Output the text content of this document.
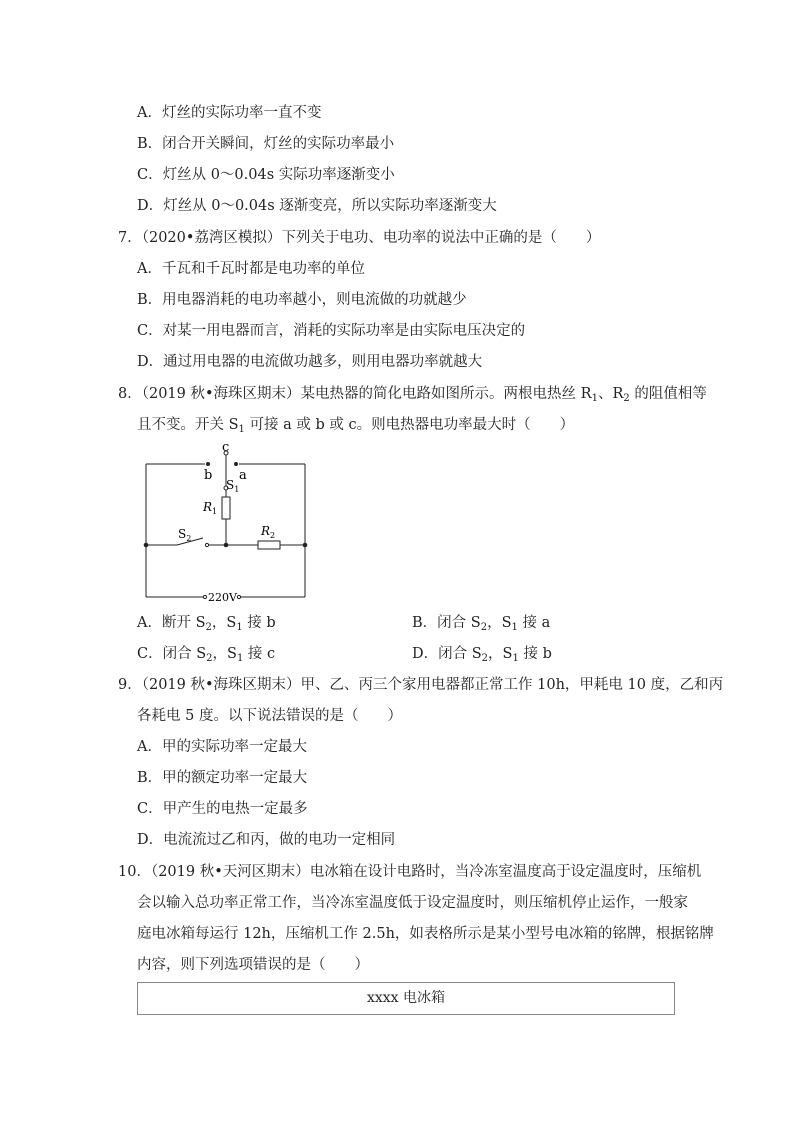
A．灯丝的实际功率一直不变
B．闭合开关瞬间，灯丝的实际功率最小
C．灯丝从 0～0.04s 实际功率逐渐变小
D．灯丝从 0～0.04s 逐渐变亮，所以实际功率逐渐变大
7．（2020•荔湾区模拟）下列关于电功、电功率的说法中正确的是（　　）
A．千瓦和千瓦时都是电功率的单位
B．用电器消耗的电功率越小，则电流做的功就越少
C．对某一用电器而言，消耗的实际功率是由实际电压决定的
D．通过用电器的电流做功越多，则用电器功率就越大
8．（2019 秋•海珠区期末）某电热器的简化电路如图所示。两根电热丝 $R_1$、$R_2$ 的阻值相等
且不变。开关 $S_1$ 可接 a 或 b 或 c。则电热器电功率最大时（　　）
c
b a
$S_1$
$R_1$
$S_2$
$R_2$
220V
A．断开 $S_2$，$S_1$ 接 b	B．闭合 $S_2$，$S_1$ 接 a
C．闭合 $S_2$，$S_1$ 接 c	D．闭合 $S_2$，$S_1$ 接 b
9．（2019 秋•海珠区期末）甲、乙、丙三个家用电器都正常工作 10h，甲耗电 10 度，乙和丙
各耗电 5 度。以下说法错误的是（　　）
A．甲的实际功率一定最大
B．甲的额定功率一定最大
C．甲产生的电热一定最多
D．电流流过乙和丙，做的电功一定相同
10．（2019 秋•天河区期末）电冰箱在设计电路时，当冷冻室温度高于设定温度时，压缩机
会以输入总功率正常工作，当冷冻室温度低于设定温度时，则压缩机停止运作，一般家
庭电冰箱每运行 12h，压缩机工作 2.5h，如表格所示是某小型号电冰箱的铭牌，根据铭牌
内容，则下列选项错误的是（　　）
xxxx 电冰箱
